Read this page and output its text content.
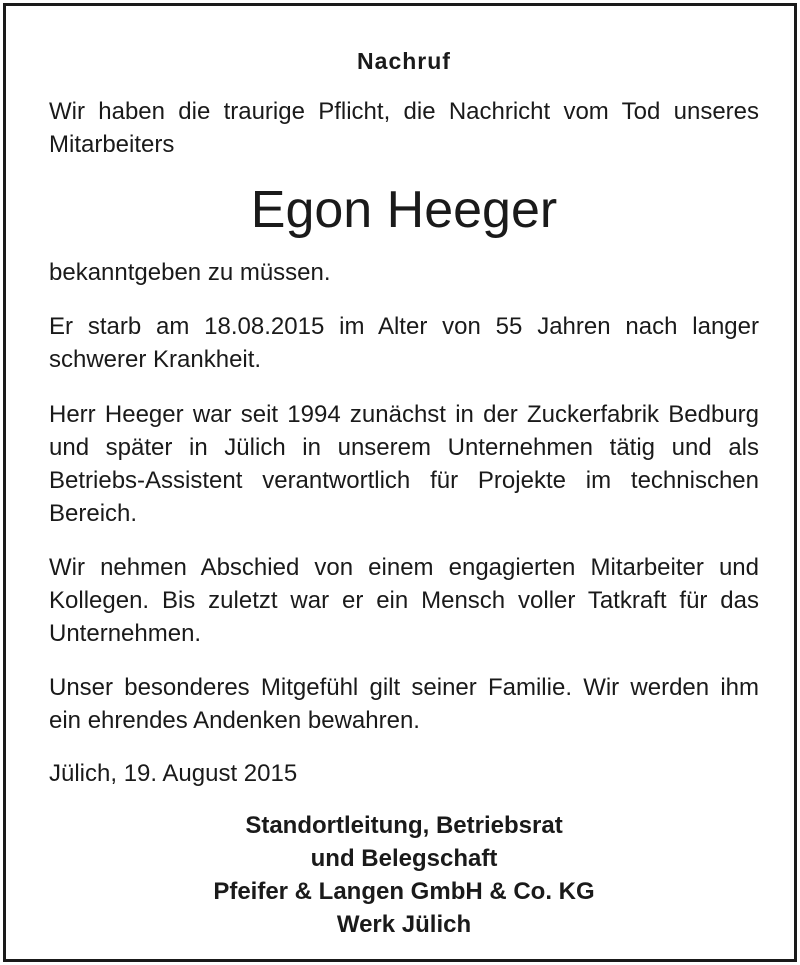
Nachruf

Wir haben die traurige Pflicht, die Nachricht vom Tod unseres Mitarbeiters

Egon Heeger

bekanntgeben zu müssen.

Er starb am 18.08.2015 im Alter von 55 Jahren nach langer schwerer Krankheit.

Herr Heeger war seit 1994 zunächst in der Zuckerfabrik Bedburg und später in Jülich in unserem Unternehmen tätig und als Betriebs-Assistent verantwortlich für Projekte im technischen Bereich.

Wir nehmen Abschied von einem engagierten Mitarbeiter und Kollegen. Bis zuletzt war er ein Mensch voller Tatkraft für das Unternehmen.

Unser besonderes Mitgefühl gilt seiner Familie. Wir werden ihm ein ehrendes Andenken bewahren.

Jülich, 19. August 2015

Standortleitung, Betriebsrat
und Belegschaft
Pfeifer & Langen GmbH & Co. KG
Werk Jülich
